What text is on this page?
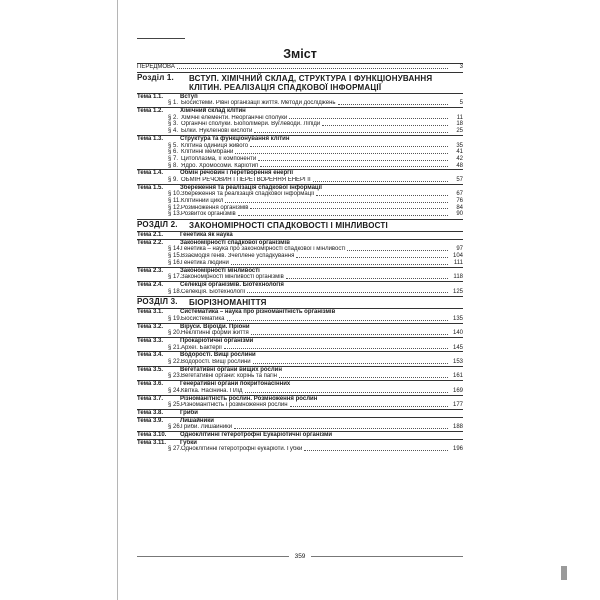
Зміст
ПЕРЕДМОВА	3
Розділ 1. ВСТУП. ХІМІЧНИЙ СКЛАД, СТРУКТУРА І ФУНКЦІОНУВАННЯ КЛІТИН. РЕАЛІЗАЦІЯ СПАДКОВОЇ ІНФОРМАЦІЇ
Тема 1.1.	Вступ
§ 1. Біосистеми. Рівні організації життя. Методи досліджень	5
Тема 1.2.	Хімічний склад клітин
§ 2. Хімічні елементи. Неорганічні сполуки	11
§ 3. Органічні сполуки. Біополімери. Вуглеводи. Ліпіди	18
§ 4. Білки. Нуклеїнові кислоти	25
Тема 1.3.	Структура та функціонування клітин
§ 5. Клітина одиниця живого	35
§ 6. Клітинні мембрани	41
§ 7. Цитоплазма, її компоненти	42
§ 8. Ядро. Хромосоми. Каріотип	48
Тема 1.4.	Обмін речовин і перетворення енергії
§ 9. ОБМІН РЕЧОВИН І ПЕРЕТВОРЕННЯ ЕНЕРГІЇ	57
Тема 1.5.	Збереження та реалізація спадкової інформації
§ 10. Збереження та реалізація спадкової інформації	67
§ 11. Клітинний цикл	76
§ 12. Розмноження організмів	84
§ 13. Розвиток організмів	90
РОЗДІЛ 2. ЗАКОНОМІРНОСТІ СПАДКОВОСТІ І МІНЛИВОСТІ
Тема 2.1.	Генетика як наука
Тема 2.2.	Закономірності спадкової організмів
§ 14. Генетика – наука про закономірності спадкової і мінливості	97
§ 15. Взаємодія генів. Зчеплене успадкування	104
§ 16. Генетика людини	111
Тема 2.3.	Закономірності мінливості
§ 17. Закономірності мінливості організмів	118
Тема 2.4.	Селекція організмів. Біотехнологія
§ 18. Селекція. Біотехнології	125
РОЗДІЛ 3. БІОРІЗНОМАНІТТЯ
Тема 3.1.	Систематика – наука про різноманітність організмів
§ 19. Біосистематика	135
Тема 3.2.	Віруси. Віроїди. Пріони
§ 20. Неклітинні форми життя	140
Тема 3.3.	Прокаріотичні організми
§ 21. Археї. Бактерії	145
Тема 3.4.	Водорості. Вищі рослини
§ 22. Водорості. Вищі рослини	153
Тема 3.5.	Вегетативні органи вищих рослин
§ 23. Вегетативні органи: корінь та пагін	161
Тема 3.6.	Генеративні органи покритонасінних
§ 24. Квітка. Насінина. Плід	169
Тема 3.7.	Різноманітність рослин. Розмноження рослин
§ 25. Різноманітність і розмноження рослин	177
Тема 3.8.	Гриби
Тема 3.9.	Лишайники
§ 26. Гриби. Лишайники	188
Тема 3.10. Одноклітинні гетеротрофні Еукаріотичні організми
Тема 3.11. Губки
§ 27. Одноклітинні гетеротрофні еукаріоти. Губки	196
359
